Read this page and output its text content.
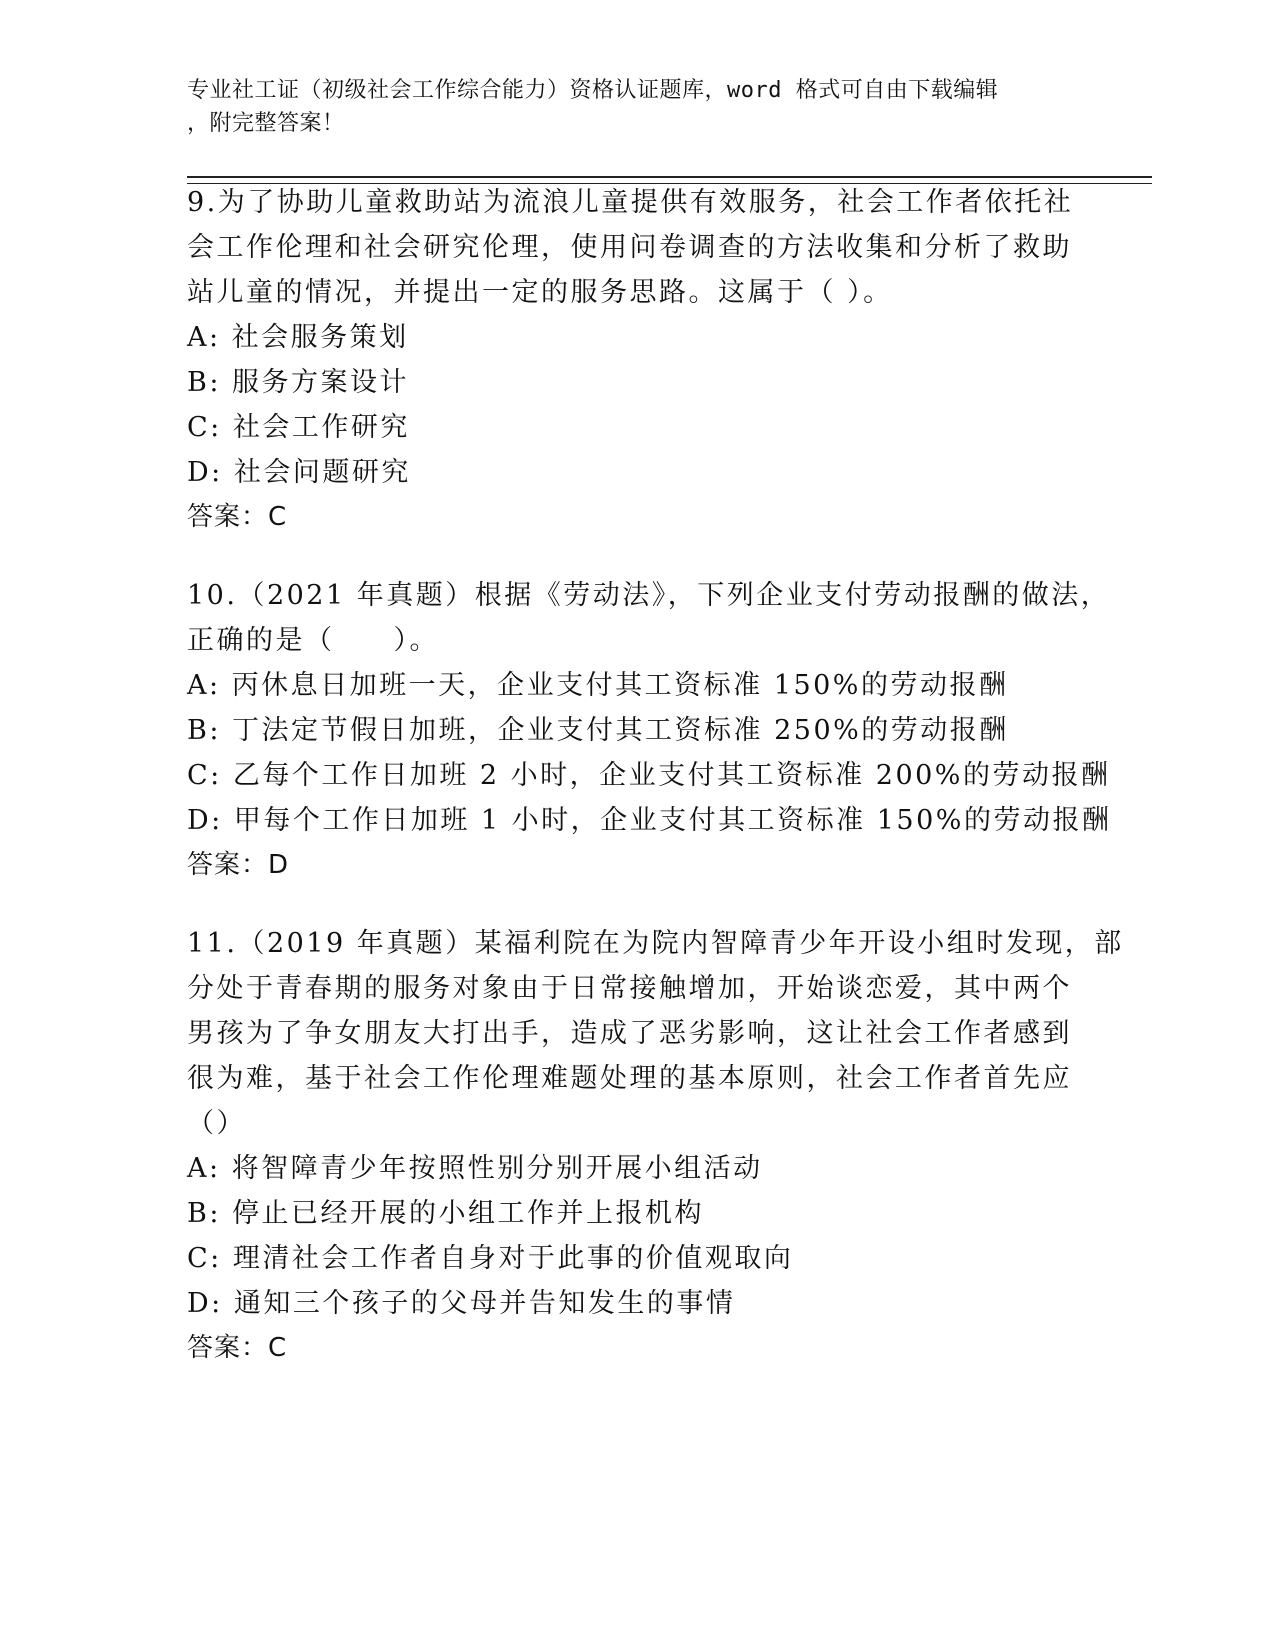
专业社工证（初级社会工作综合能力）资格认证题库，word 格式可自由下载编辑
，附完整答案！
9.为了协助儿童救助站为流浪儿童提供有效服务，社会工作者依托社
会工作伦理和社会研究伦理，使用问卷调查的方法收集和分析了救助
站儿童的情况，并提出一定的服务思路。这属于（ ）。
A: 社会服务策划
B: 服务方案设计
C: 社会工作研究
D: 社会问题研究
答案：C
10.（2021 年真题）根据《劳动法》，下列企业支付劳动报酬的做法，
正确的是（　　）。
A: 丙休息日加班一天，企业支付其工资标准 150%的劳动报酬
B: 丁法定节假日加班，企业支付其工资标准 250%的劳动报酬
C: 乙每个工作日加班 2 小时，企业支付其工资标准 200%的劳动报酬
D: 甲每个工作日加班 1 小时，企业支付其工资标准 150%的劳动报酬
答案：D
11.（2019 年真题）某福利院在为院内智障青少年开设小组时发现，部
分处于青春期的服务对象由于日常接触增加，开始谈恋爱，其中两个
男孩为了争女朋友大打出手，造成了恶劣影响，这让社会工作者感到
很为难，基于社会工作伦理难题处理的基本原则，社会工作者首先应
（）
A: 将智障青少年按照性别分别开展小组活动
B: 停止已经开展的小组工作并上报机构
C: 理清社会工作者自身对于此事的价值观取向
D: 通知三个孩子的父母并告知发生的事情
答案：C
